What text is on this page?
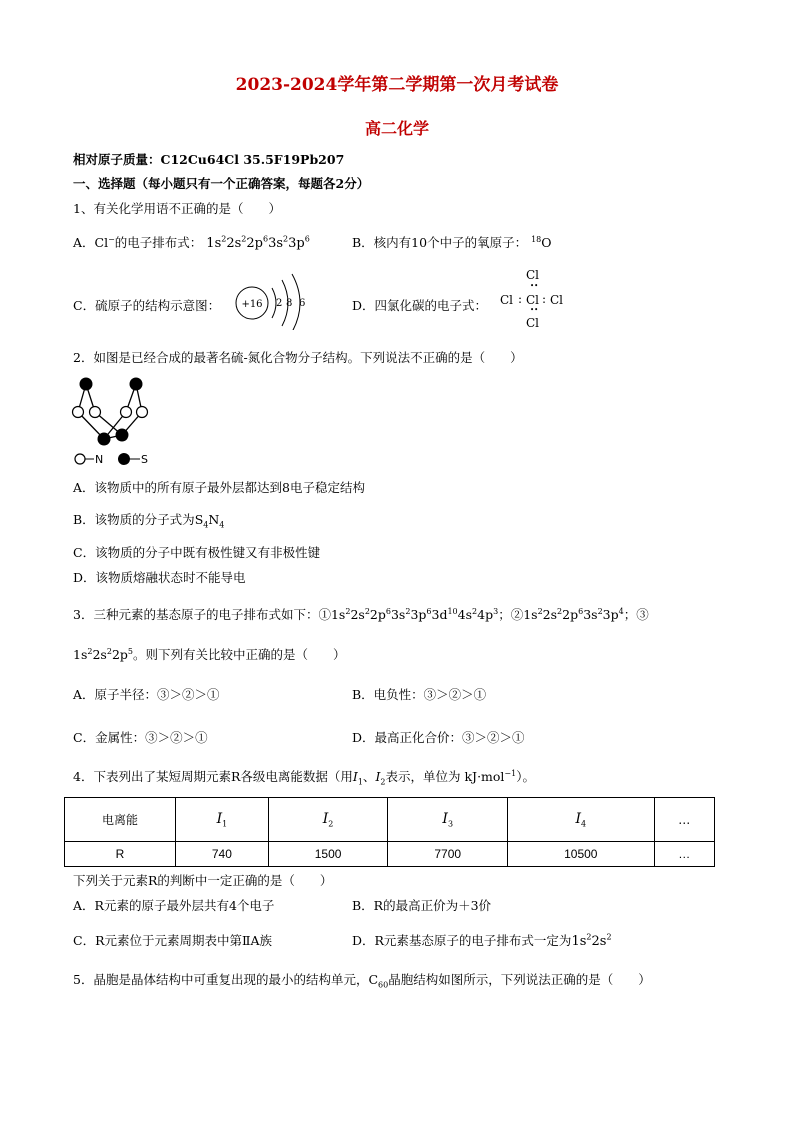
2023-2024学年第二学期第一次月考试卷
高二化学
相对原子质量：C12Cu64Cl 35.5F19Pb207
一、选择题（每小题只有一个正确答案，每题各2分）
1、有关化学用语不正确的是（　　）
A．Cl−的电子排布式： $1s^22s^22p^63s^23p^6$	B．核内有10个中子的氧原子： $^{18}$O
C．硫原子的结构示意图： +16 2 8 6	D．四氯化碳的电子式：
Cl
••
Cl : Cl : Cl
••
Cl
2．如图是已经合成的最著名硫-氮化合物分子结构。下列说法不正确的是（　　）
N	S
A．该物质中的所有原子最外层都达到8电子稳定结构
B．该物质的分子式为$S_4N_4$
C．该物质的分子中既有极性键又有非极性键
D．该物质熔融状态时不能导电
3．三种元素的基态原子的电子排布式如下：$①1s^22s^22p^63s^23p^63d^{10}4s^24p^3$；$②1s^22s^22p^63s^23p^4$；③
$1s^22s^22p^5$。则下列有关比较中正确的是（　　）
A．原子半径：③＞②＞①	B．电负性：③＞②＞①
C．金属性：③＞②＞①	D．最高正化合价：③＞②＞①
4．下表列出了某短周期元素R各级电离能数据（用$I_1$、$I_2$表示，单位为 kJ·mol$^{-1}$）。
电离能	$I_1$	$I_2$	$I_3$	$I_4$	…
R	740	1500	7700	10500	…
下列关于元素R的判断中一定正确的是（　　）
A．R元素的原子最外层共有4个电子	B．R的最高正价为＋3价
C．R元素位于元素周期表中第ⅡA族	D．R元素基态原子的电子排布式一定为$1s^22s^2$
5．晶胞是晶体结构中可重复出现的最小的结构单元，$C_{60}$晶胞结构如图所示，下列说法正确的是（　　）
